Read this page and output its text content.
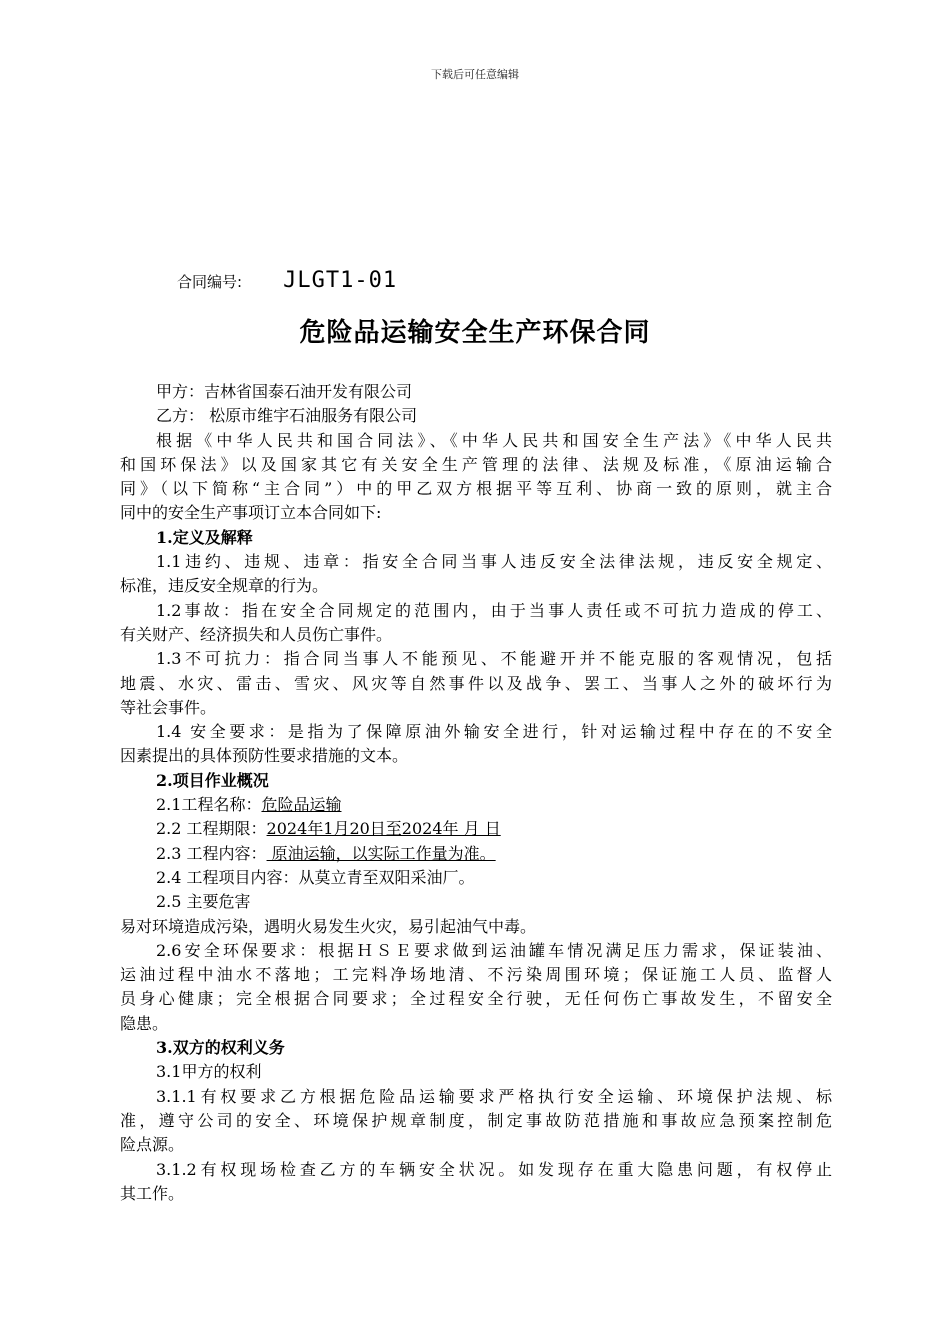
下载后可任意编辑
合同编号: JLGT1-01
危险品运输安全生产环保合同
甲方：吉林省国泰石油开发有限公司
乙方： 松原市维宇石油服务有限公司
根据《中华人民共和国合同法》、《中华人民共和国安全生产法》《中华人民共
和国环保法》以及国家其它有关安全生产管理的法律、法规及标准，《原油运输合
同》（以下简称“主合同”）中的甲乙双方根据平等互利、协商一致的原则，就主合
同中的安全生产事项订立本合同如下:
1.定义及解释
1.1违约、违规、违章：指安全合同当事人违反安全法律法规，违反安全规定、
标准，违反安全规章的行为。
1.2事故：指在安全合同规定的范围内，由于当事人责任或不可抗力造成的停工、
有关财产、经济损失和人员伤亡事件。
1.3不可抗力：指合同当事人不能预见、不能避开并不能克服的客观情况，包括
地震、水灾、雷击、雪灾、风灾等自然事件以及战争、罢工、当事人之外的破坏行为
等社会事件。
1.4 安全要求：是指为了保障原油外输安全进行，针对运输过程中存在的不安全
因素提出的具体预防性要求措施的文本。
2.项目作业概况
2.1工程名称：危险品运输
2.2 工程期限：2024年1月20日至2024年 月 日
2.3 工程内容： 原油运输，以实际工作量为准。
2.4 工程项目内容：从莫立青至双阳采油厂。
2.5 主要危害
易对环境造成污染，遇明火易发生火灾，易引起油气中毒。
2.6安全环保要求：根据ＨＳＥ要求做到运油罐车情况满足压力需求，保证装油、
运油过程中油水不落地；工完料净场地清、不污染周围环境；保证施工人员、监督人
员身心健康；完全根据合同要求；全过程安全行驶，无任何伤亡事故发生，不留安全
隐患。
3.双方的权利义务
3.1甲方的权利
3.1.1有权要求乙方根据危险品运输要求严格执行安全运输、环境保护法规、标
准，遵守公司的安全、环境保护规章制度，制定事故防范措施和事故应急预案控制危
险点源。
3.1.2有权现场检查乙方的车辆安全状况。如发现存在重大隐患问题，有权停止
其工作。
